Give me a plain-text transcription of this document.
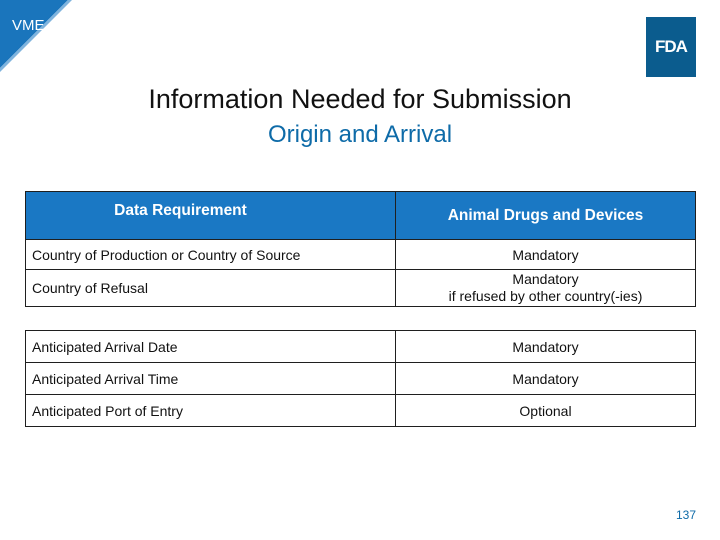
VME
FDA
Information Needed for Submission
Origin and Arrival
Data Requirement	Animal Drugs and Devices
Country of Production or Country of Source	Mandatory
Country of Refusal	Mandatory
if refused by other country(-ies)

Anticipated Arrival Date	Mandatory
Anticipated Arrival Time	Mandatory
Anticipated Port of Entry	Optional
137
